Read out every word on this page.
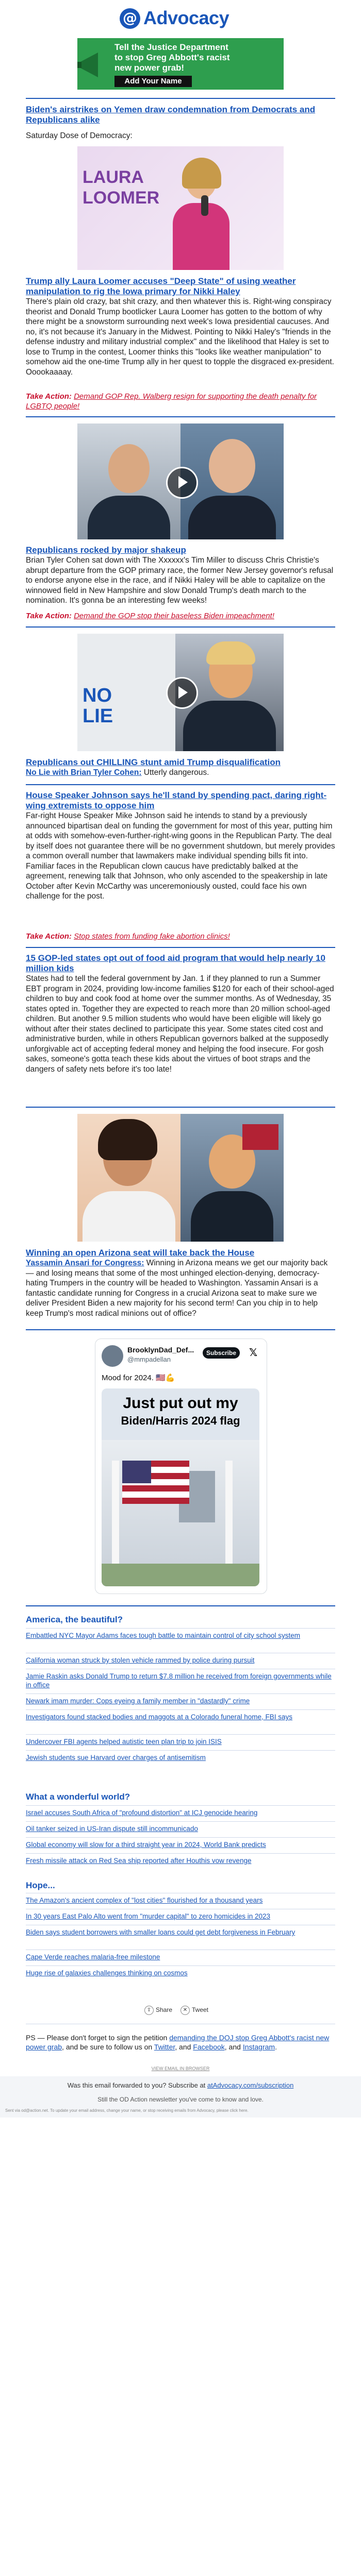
@ Advocacy
Tell the Justice Department
to stop Greg Abbott's racist
new power grab!
Add Your Name
Biden's airstrikes on Yemen draw condemnation from Democrats and Republicans alike
Saturday Dose of Democracy:
LAURA
LOOMER
Trump ally Laura Loomer accuses "Deep State" of using weather manipulation to rig the Iowa primary for Nikki Haley
There's plain old crazy, bat shit crazy, and then whatever this is. Right-wing conspiracy theorist and Donald Trump bootlicker Laura Loomer has gotten to the bottom of why there might be a snowstorm surrounding next week's Iowa presidential caucuses. And no, it's not because it's January in the Midwest. Pointing to Nikki Haley's "friends in the defense industry and military industrial complex" and the likelihood that Haley is set to lose to Trump in the contest, Loomer thinks this "looks like weather manipulation" to somehow aid the one-time Trump ally in her quest to topple the disgraced ex-president. Ooookaaaay.
Take Action: Demand GOP Rep. Walberg resign for supporting the death penalty for LGBTQ people!
Republicans rocked by major shakeup
Brian Tyler Cohen sat down with The Xxxxxx's Tim Miller to discuss Chris Christie's abrupt departure from the GOP primary race, the former New Jersey governor's refusal to endorse anyone else in the race, and if Nikki Haley will be able to capitalize on the winnowed field in New Hampshire and slow Donald Trump's death march to the nomination. It's gonna be an interesting few weeks!
Take Action: Demand the GOP stop their baseless Biden impeachment!
NO LIE
Republicans out CHILLING stunt amid Trump disqualification
No Lie with Brian Tyler Cohen: Utterly dangerous.
House Speaker Johnson says he'll stand by spending pact, daring right-wing extremists to oppose him
Far-right House Speaker Mike Johnson said he intends to stand by a previously announced bipartisan deal on funding the government for most of this year, putting him at odds with somehow-even-further-right-wing goons in the Republican Party. The deal by itself does not guarantee there will be no government shutdown, but merely provides a common overall number that lawmakers make individual spending bills fit into. Familiar faces in the Republican clown caucus have predictably balked at the agreement, renewing talk that Johnson, who only ascended to the speakership in late October after Kevin McCarthy was unceremoniously ousted, could face his own challenge for the post.
Take Action: Stop states from funding fake abortion clinics!
15 GOP-led states opt out of food aid program that would help nearly 10 million kids
States had to tell the federal government by Jan. 1 if they planned to run a Summer EBT program in 2024, providing low-income families $120 for each of their school-aged children to buy and cook food at home over the summer months. As of Wednesday, 35 states opted in. Together they are expected to reach more than 20 million school-aged children. But another 9.5 million students who would have been eligible will likely go without after their states declined to participate this year. Some states cited cost and administrative burden, while in others Republican governors balked at the supposedly unforgivable act of accepting federal money and helping the food insecure. For gosh sakes, someone's gotta teach these kids about the virtues of boot straps and the dangers of safety nets before it's too late!
Winning an open Arizona seat will take back the House
Yassamin Ansari for Congress: Winning in Arizona means we get our majority back — and losing means that some of the most unhinged election-denying, democracy-hating Trumpers in the country will be headed to Washington. Yassamin Ansari is a fantastic candidate running for Congress in a crucial Arizona seat to make sure we deliver President Biden a new majority for his second term! Can you chip in to help keep Trump's most radical minions out of office?
BrooklynDad_Def...
@mmpadellan
Subscribe	𝕏
Mood for 2024. 🇺🇸💪
Just put out my
Biden/Harris 2024 flag
America, the beautiful?
Embattled NYC Mayor Adams faces tough battle to maintain control of city school system
California woman struck by stolen vehicle rammed by police during pursuit
Jamie Raskin asks Donald Trump to return $7.8 million he received from foreign governments while in office
Newark imam murder: Cops eyeing a family member in "dastardly" crime
Investigators found stacked bodies and maggots at a Colorado funeral home, FBI says
Undercover FBI agents helped autistic teen plan trip to join ISIS
Jewish students sue Harvard over charges of antisemitism
What a wonderful world?
Israel accuses South Africa of "profound distortion" at ICJ genocide hearing
Oil tanker seized in US-Iran dispute still incommunicado
Global economy will slow for a third straight year in 2024, World Bank predicts
Fresh missile attack on Red Sea ship reported after Houthis vow revenge
Hope...
The Amazon's ancient complex of "lost cities" flourished for a thousand years
In 30 years East Palo Alto went from "murder capital" to zero homicides in 2023
Biden says student borrowers with smaller loans could get debt forgiveness in February
Cape Verde reaches malaria-free milestone
Huge rise of galaxies challenges thinking on cosmos
⇪ Share	✕ Tweet
PS — Please don't forget to sign the petition demanding the DOJ stop Greg Abbott's racist new power grab, and be sure to follow us on Twitter, and Facebook, and Instagram.
VIEW EMAIL IN BROWSER
Was this email forwarded to you? Subscribe at atAdvocacy.com/subscription
Still the OD Action newsletter you've come to know and love.
Sent via od@action.net. To update your email address, change your name, or stop receiving emails from Advocacy, please click here.
